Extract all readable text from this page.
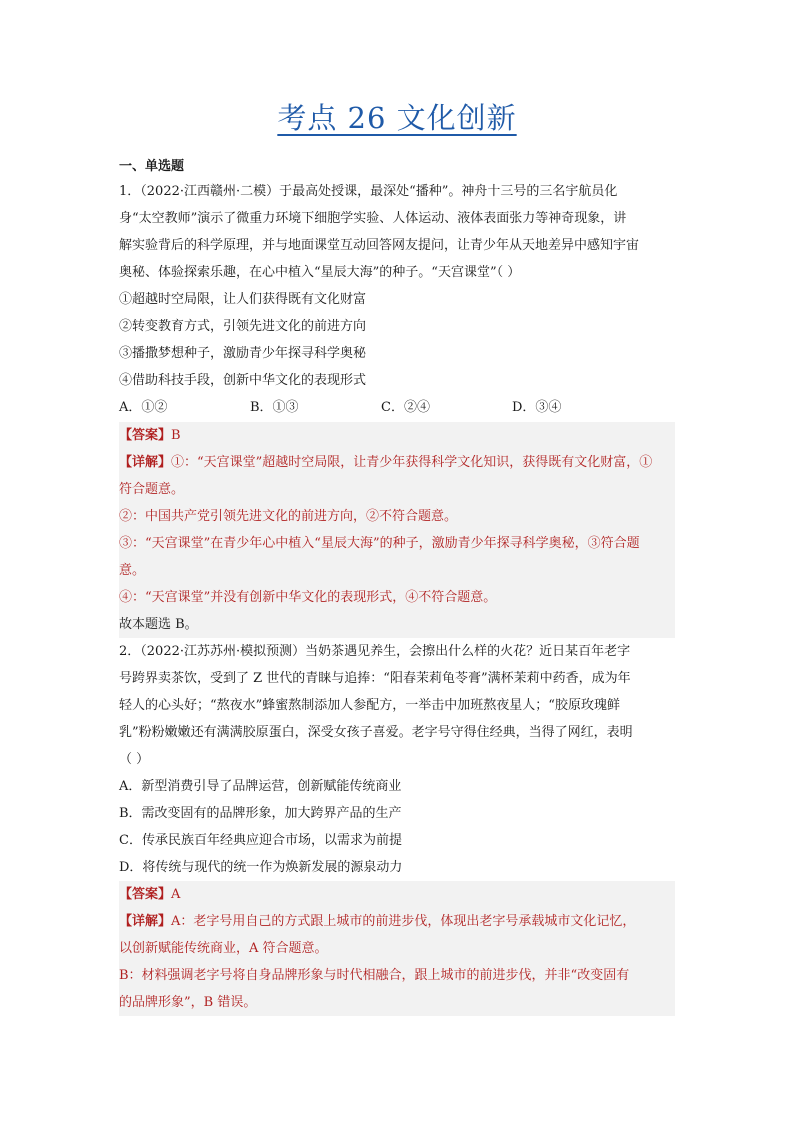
考点 26 文化创新
一、单选题
1．（2022·江西赣州·二模）于最高处授课，最深处“播种”。神舟十三号的三名宇航员化
身“太空教师”演示了微重力环境下细胞学实验、人体运动、液体表面张力等神奇现象，讲
解实验背后的科学原理，并与地面课堂互动回答网友提问，让青少年从天地差异中感知宇宙
奥秘、体验探索乐趣，在心中植入“星辰大海”的种子。“天宫课堂”（ ）
①超越时空局限，让人们获得既有文化财富
②转变教育方式，引领先进文化的前进方向
③播撒梦想种子，激励青少年探寻科学奥秘
④借助科技手段，创新中华文化的表现形式
A．①②	B．①③	C．②④	D．③④
【答案】B
【详解】①：“天宫课堂”超越时空局限，让青少年获得科学文化知识，获得既有文化财富，①
符合题意。
②：中国共产党引领先进文化的前进方向，②不符合题意。
③：“天宫课堂”在青少年心中植入“星辰大海”的种子，激励青少年探寻科学奥秘，③符合题
意。
④：“天宫课堂”并没有创新中华文化的表现形式，④不符合题意。
故本题选 B。
2．（2022·江苏苏州·模拟预测）当奶茶遇见养生，会擦出什么样的火花？近日某百年老字
号跨界卖茶饮，受到了 Z 世代的青睐与追捧：“阳春茉莉龟苓膏”满杯茉莉中药香，成为年
轻人的心头好；“熬夜水”蜂蜜熬制添加人参配方，一举击中加班熬夜星人；“胶原玫瑰鲜
乳”粉粉嫩嫩还有满满胶原蛋白，深受女孩子喜爱。老字号守得住经典，当得了网红，表明
（ ）
A．新型消费引导了品牌运营，创新赋能传统商业
B．需改变固有的品牌形象，加大跨界产品的生产
C．传承民族百年经典应迎合市场，以需求为前提
D．将传统与现代的统一作为焕新发展的源泉动力
【答案】A
【详解】A：老字号用自己的方式跟上城市的前进步伐，体现出老字号承载城市文化记忆，
以创新赋能传统商业，A 符合题意。
B：材料强调老字号将自身品牌形象与时代相融合，跟上城市的前进步伐，并非“改变固有
的品牌形象”，B 错误。
